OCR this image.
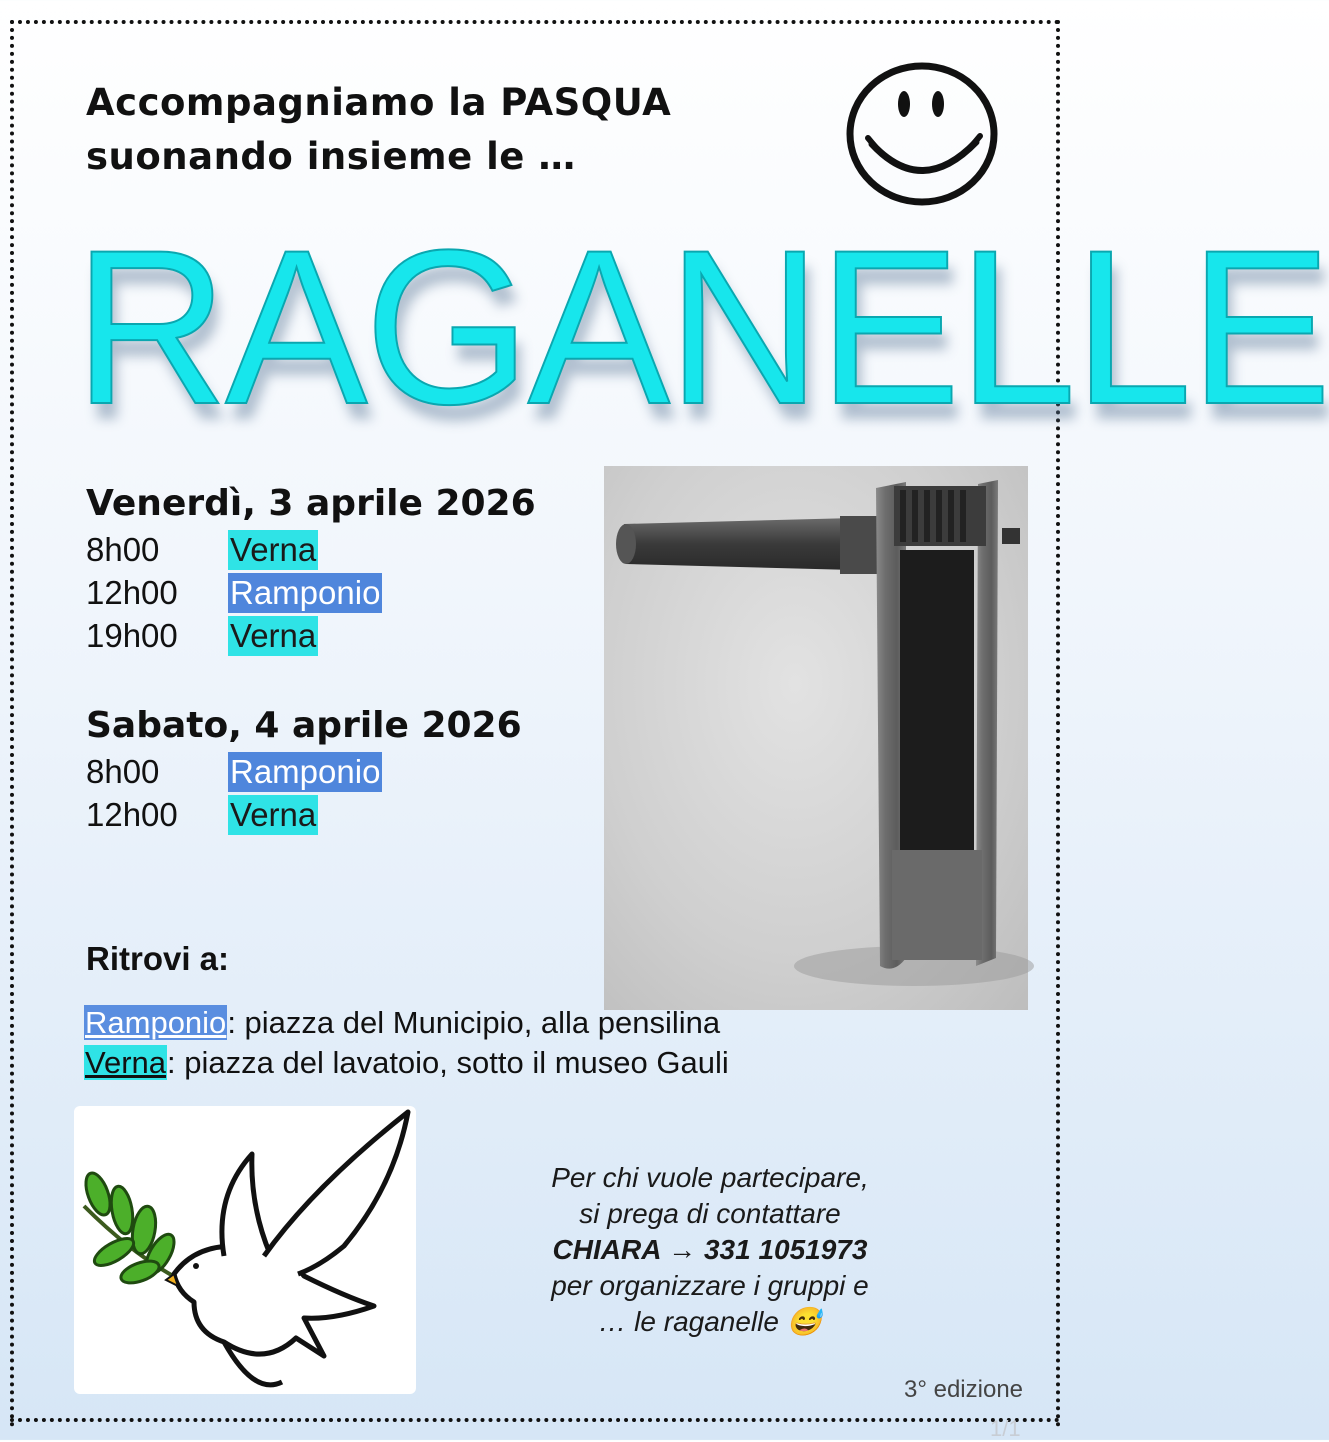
Accompagniamo la PASQUA
suonando insieme le …
RAGANELLE
Venerdì, 3 aprile 2026
8h00 Verna
12h00 Ramponio
19h00 Verna
Sabato, 4 aprile 2026
8h00 Ramponio
12h00 Verna
Ritrovi a:
Ramponio: piazza del Municipio, alla pensilina
Verna: piazza del lavatoio, sotto il museo Gauli

Per chi vuole partecipare,
si prega di contattare
CHIARA → 331 1051973
per organizzare i gruppi e
… le raganelle 😅

3° edizione
1/1
